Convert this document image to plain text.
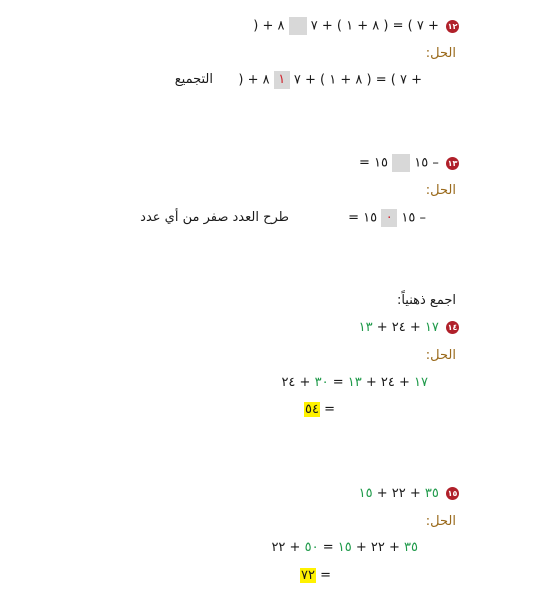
١٢ + ٧ ) = ( ٨ + ١ ) + ٧  ٨ + (
الحل:
+ ٧ ) = ( ٨ + ١ ) + ٧ ١ ٨ + (
التجميع
١٣ – ١٥  ١٥ =
الحل:
– ١٥ ٠ ١٥ =
طرح العدد صفر من أي عدد
اجمع ذهنياً:
١٤ ١٧ + ٢٤ + ١٣
الحل:
١٧ + ٢٤ + ١٣ = ٣٠ + ٢٤
= ٥٤
١٥ ٣٥ + ٢٢ + ١٥
الحل:
٣٥ + ٢٢ + ١٥ = ٥٠ + ٢٢
= ٧٢
